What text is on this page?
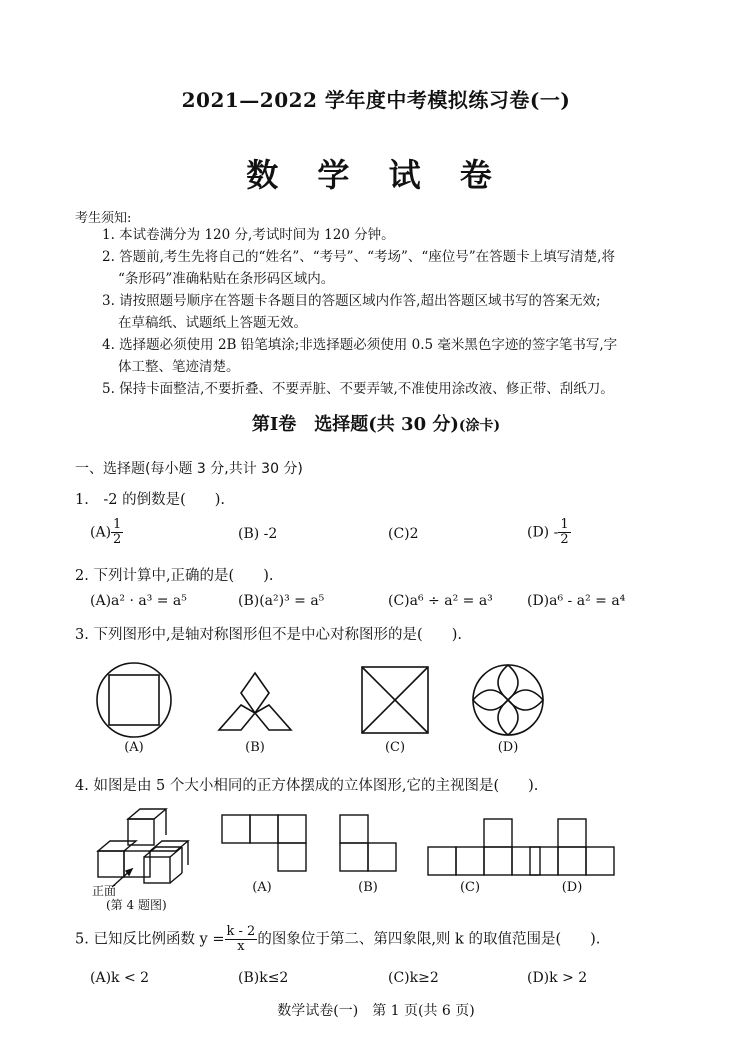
2021—2022 学年度中考模拟练习卷(一)
数 学 试 卷
考生须知:
1. 本试卷满分为 120 分,考试时间为 120 分钟。
2. 答题前,考生先将自己的“姓名”、“考号”、“考场”、“座位号”在答题卡上填写清楚,将
“条形码”准确粘贴在条形码区域内。
3. 请按照题号顺序在答题卡各题目的答题区域内作答,超出答题区域书写的答案无效;
在草稿纸、试题纸上答题无效。
4. 选择题必须使用 2B 铅笔填涂;非选择题必须使用 0.5 毫米黑色字迹的签字笔书写,字
体工整、笔迹清楚。
5. 保持卡面整洁,不要折叠、不要弄脏、不要弄皱,不准使用涂改液、修正带、刮纸刀。
第Ⅰ卷　选择题(共 30 分)(涂卡)
一、选择题(每小题 3 分,共计 30 分)
1.　-2 的倒数是(　　).
$(A) \frac{1}{2}$	(B) -2	(C)2	$(D) - \frac{1}{2}$
2. 下列计算中,正确的是(　　).
(A)a² · a³ = a⁵	(B)(a²)³ = a⁵	(C)a⁶ ÷ a² = a³ (D)a⁶ - a² = a⁴
3. 下列图形中,是轴对称图形但不是中心对称图形的是(　　).
(A)	(B)	(C)	(D)
4. 如图是由 5 个大小相同的正方体摆成的立体图形,它的主视图是(　　).
正面
(第 4 题图)
(A)	(B)	(C)	(D)
5. 已知反比例函数 $y = \frac{k - 2}{x}$ 的图象位于第二、第四象限,则 k 的取值范围是(　　).
(A)k < 2	(B)k≤2	(C)k≥2	(D)k > 2
数学试卷(一)　第 1 页(共 6 页)
